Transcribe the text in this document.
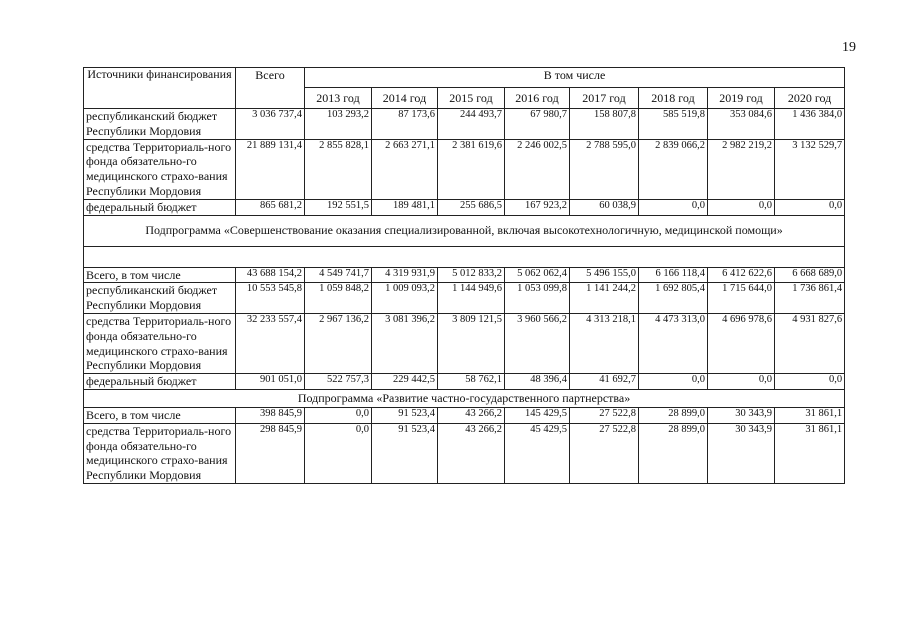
19
Источники финансирования	Всего	В том числе							
		2013 год	2014 год	2015 год	2016 год	2017 год	2018 год	2019 год	2020 год
республиканский бюджет Республики Мордовия	3 036 737,4	103 293,2	87 173,6	244 493,7	67 980,7	158 807,8	585 519,8	353 084,6	1 436 384,0
средства Территориаль-ного фонда обязательно-го медицинского страхо-вания Республики Мордовия	21 889 131,4	2 855 828,1	2 663 271,1	2 381 619,6	2 246 002,5	2 788 595,0	2 839 066,2	2 982 219,2	3 132 529,7
федеральный бюджет	865 681,2	192 551,5	189 481,1	255 686,5	167 923,2	60 038,9	0,0	0,0	0,0
Подпрограмма «Совершенствование оказания специализированной, включая высокотехнологичную, медицинской помощи»									

Всего, в том числе	43 688 154,2	4 549 741,7	4 319 931,9	5 012 833,2	5 062 062,4	5 496 155,0	6 166 118,4	6 412 622,6	6 668 689,0
республиканский бюджет Республики Мордовия	10 553 545,8	1 059 848,2	1 009 093,2	1 144 949,6	1 053 099,8	1 141 244,2	1 692 805,4	1 715 644,0	1 736 861,4
средства Территориаль-ного фонда обязательно-го медицинского страхо-вания Республики Мордовия	32 233 557,4	2 967 136,2	3 081 396,2	3 809 121,5	3 960 566,2	4 313 218,1	4 473 313,0	4 696 978,6	4 931 827,6
федеральный бюджет	901 051,0	522 757,3	229 442,5	58 762,1	48 396,4	41 692,7	0,0	0,0	0,0
Подпрограмма «Развитие частно-государственного партнерства»									
Всего, в том числе	398 845,9	0,0	91 523,4	43 266,2	145 429,5	27 522,8	28 899,0	30 343,9	31 861,1
средства Территориаль-ного фонда обязательно-го медицинского страхо-вания Республики Мордовия	298 845,9	0,0	91 523,4	43 266,2	45 429,5	27 522,8	28 899,0	30 343,9	31 861,1
